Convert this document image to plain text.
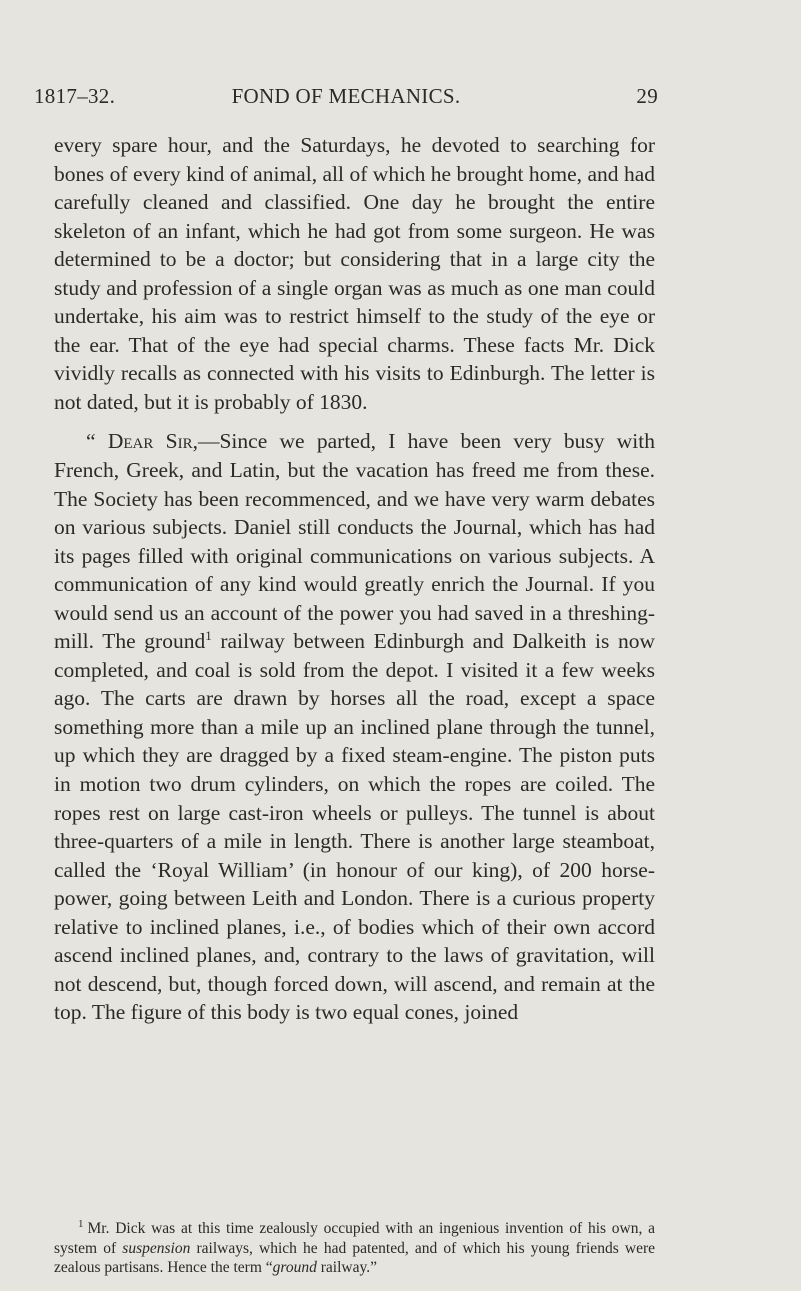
1817–32.	FOND OF MECHANICS.	29

every spare hour, and the Saturdays, he devoted to searching for bones of every kind of animal, all of which he brought home, and had carefully cleaned and classified. One day he brought the entire skeleton of an infant, which he had got from some surgeon. He was determined to be a doctor; but considering that in a large city the study and profession of a single organ was as much as one man could undertake, his aim was to restrict himself to the study of the eye or the ear. That of the eye had special charms. These facts Mr. Dick vividly recalls as connected with his visits to Edinburgh. The letter is not dated, but it is probably of 1830.

“ Dear Sir,—Since we parted, I have been very busy with French, Greek, and Latin, but the vacation has freed me from these. The Society has been recommenced, and we have very warm debates on various subjects. Daniel still conducts the Journal, which has had its pages filled with original communications on various subjects. A communication of any kind would greatly enrich the Journal. If you would send us an account of the power you had saved in a threshing-mill. The ground$^1$ railway between Edinburgh and Dalkeith is now completed, and coal is sold from the depot. I visited it a few weeks ago. The carts are drawn by horses all the road, except a space something more than a mile up an inclined plane through the tunnel, up which they are dragged by a fixed steam-engine. The piston puts in motion two drum cylinders, on which the ropes are coiled. The ropes rest on large cast-iron wheels or pulleys. The tunnel is about three-quarters of a mile in length. There is another large steamboat, called the ‘Royal William’ (in honour of our king), of 200 horse-power, going between Leith and London. There is a curious property relative to inclined planes, i.e., of bodies which of their own accord ascend inclined planes, and, contrary to the laws of gravitation, will not descend, but, though forced down, will ascend, and remain at the top. The figure of this body is two equal cones, joined

$^1$ Mr. Dick was at this time zealously occupied with an ingenious invention of his own, a system of suspension railways, which he had patented, and of which his young friends were zealous partisans. Hence the term “ground railway.”
